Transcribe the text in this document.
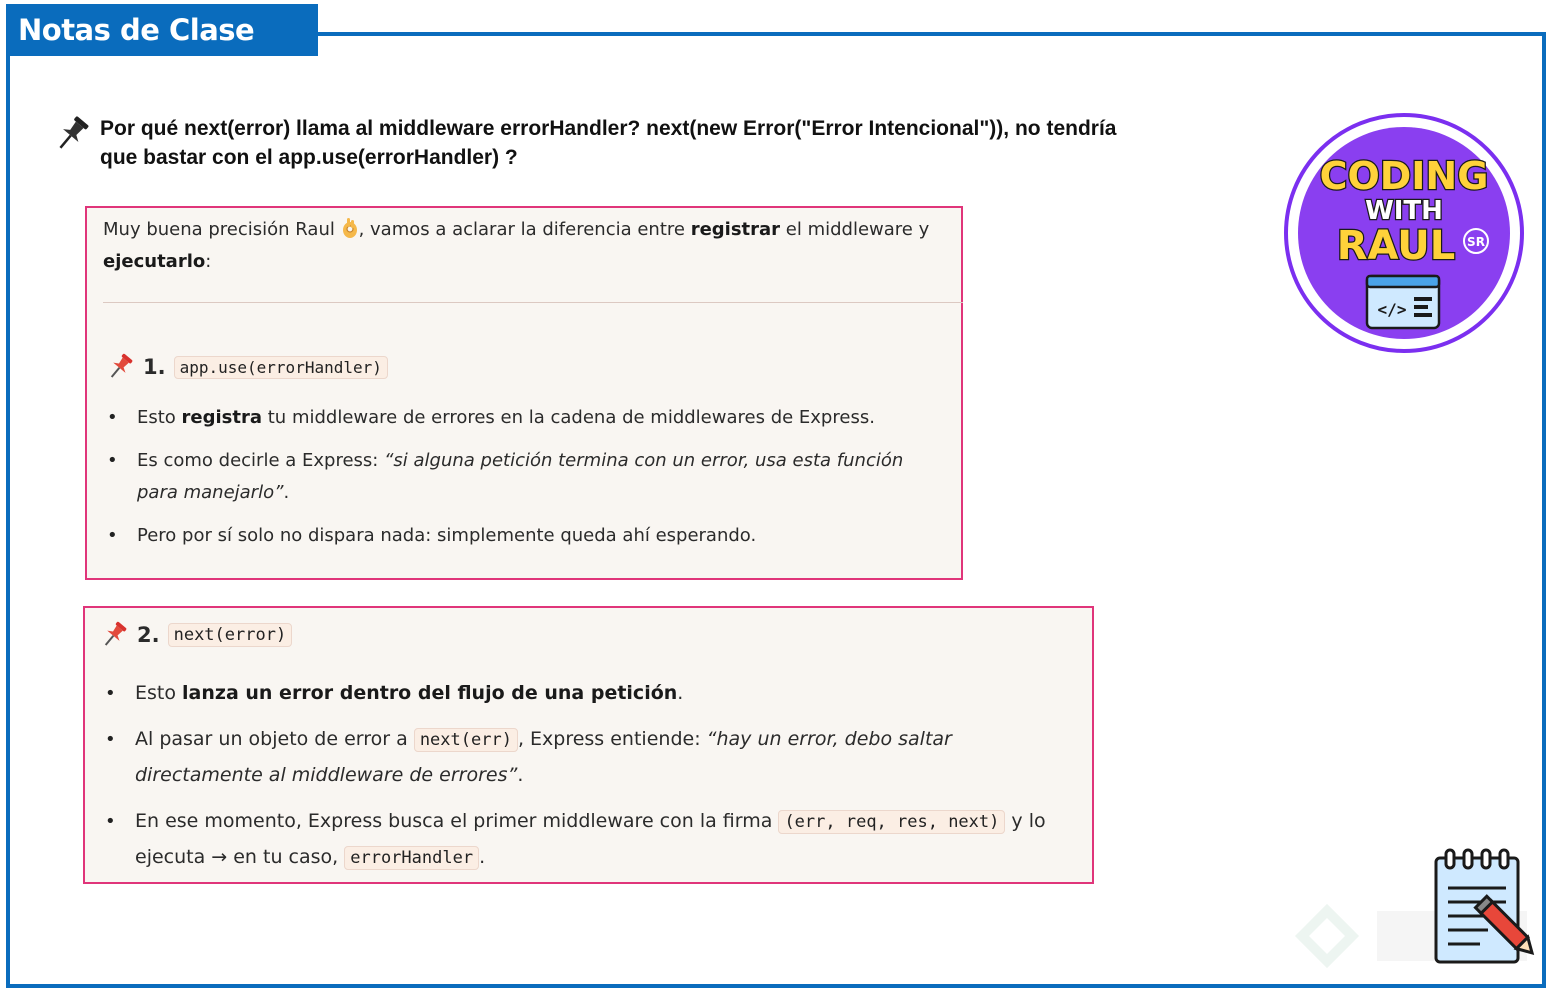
Notas de Clase

Por qué next(error) llama al middleware errorHandler? next(new Error("Error Intencional")), no tendría
que bastar con el app.use(errorHandler) ?

Muy buena precisión Raul , vamos a aclarar la diferencia entre registrar el middleware y ejecutarlo:
1. app.use(errorHandler)
• Esto registra tu middleware de errores en la cadena de middlewares de Express.
• Es como decirle a Express: “si alguna petición termina con un error, usa esta función para manejarlo”.
• Pero por sí solo no dispara nada: simplemente queda ahí esperando.
2. next(error)
• Esto lanza un error dentro del flujo de una petición.
• Al pasar un objeto de error a next(err) , Express entiende: “hay un error, debo saltar directamente al middleware de errores”.
• En ese momento, Express busca el primer middleware con la firma (err, req, res, next) y lo ejecuta → en tu caso, errorHandler .
CODING
WITH
RAUL SR
</>
